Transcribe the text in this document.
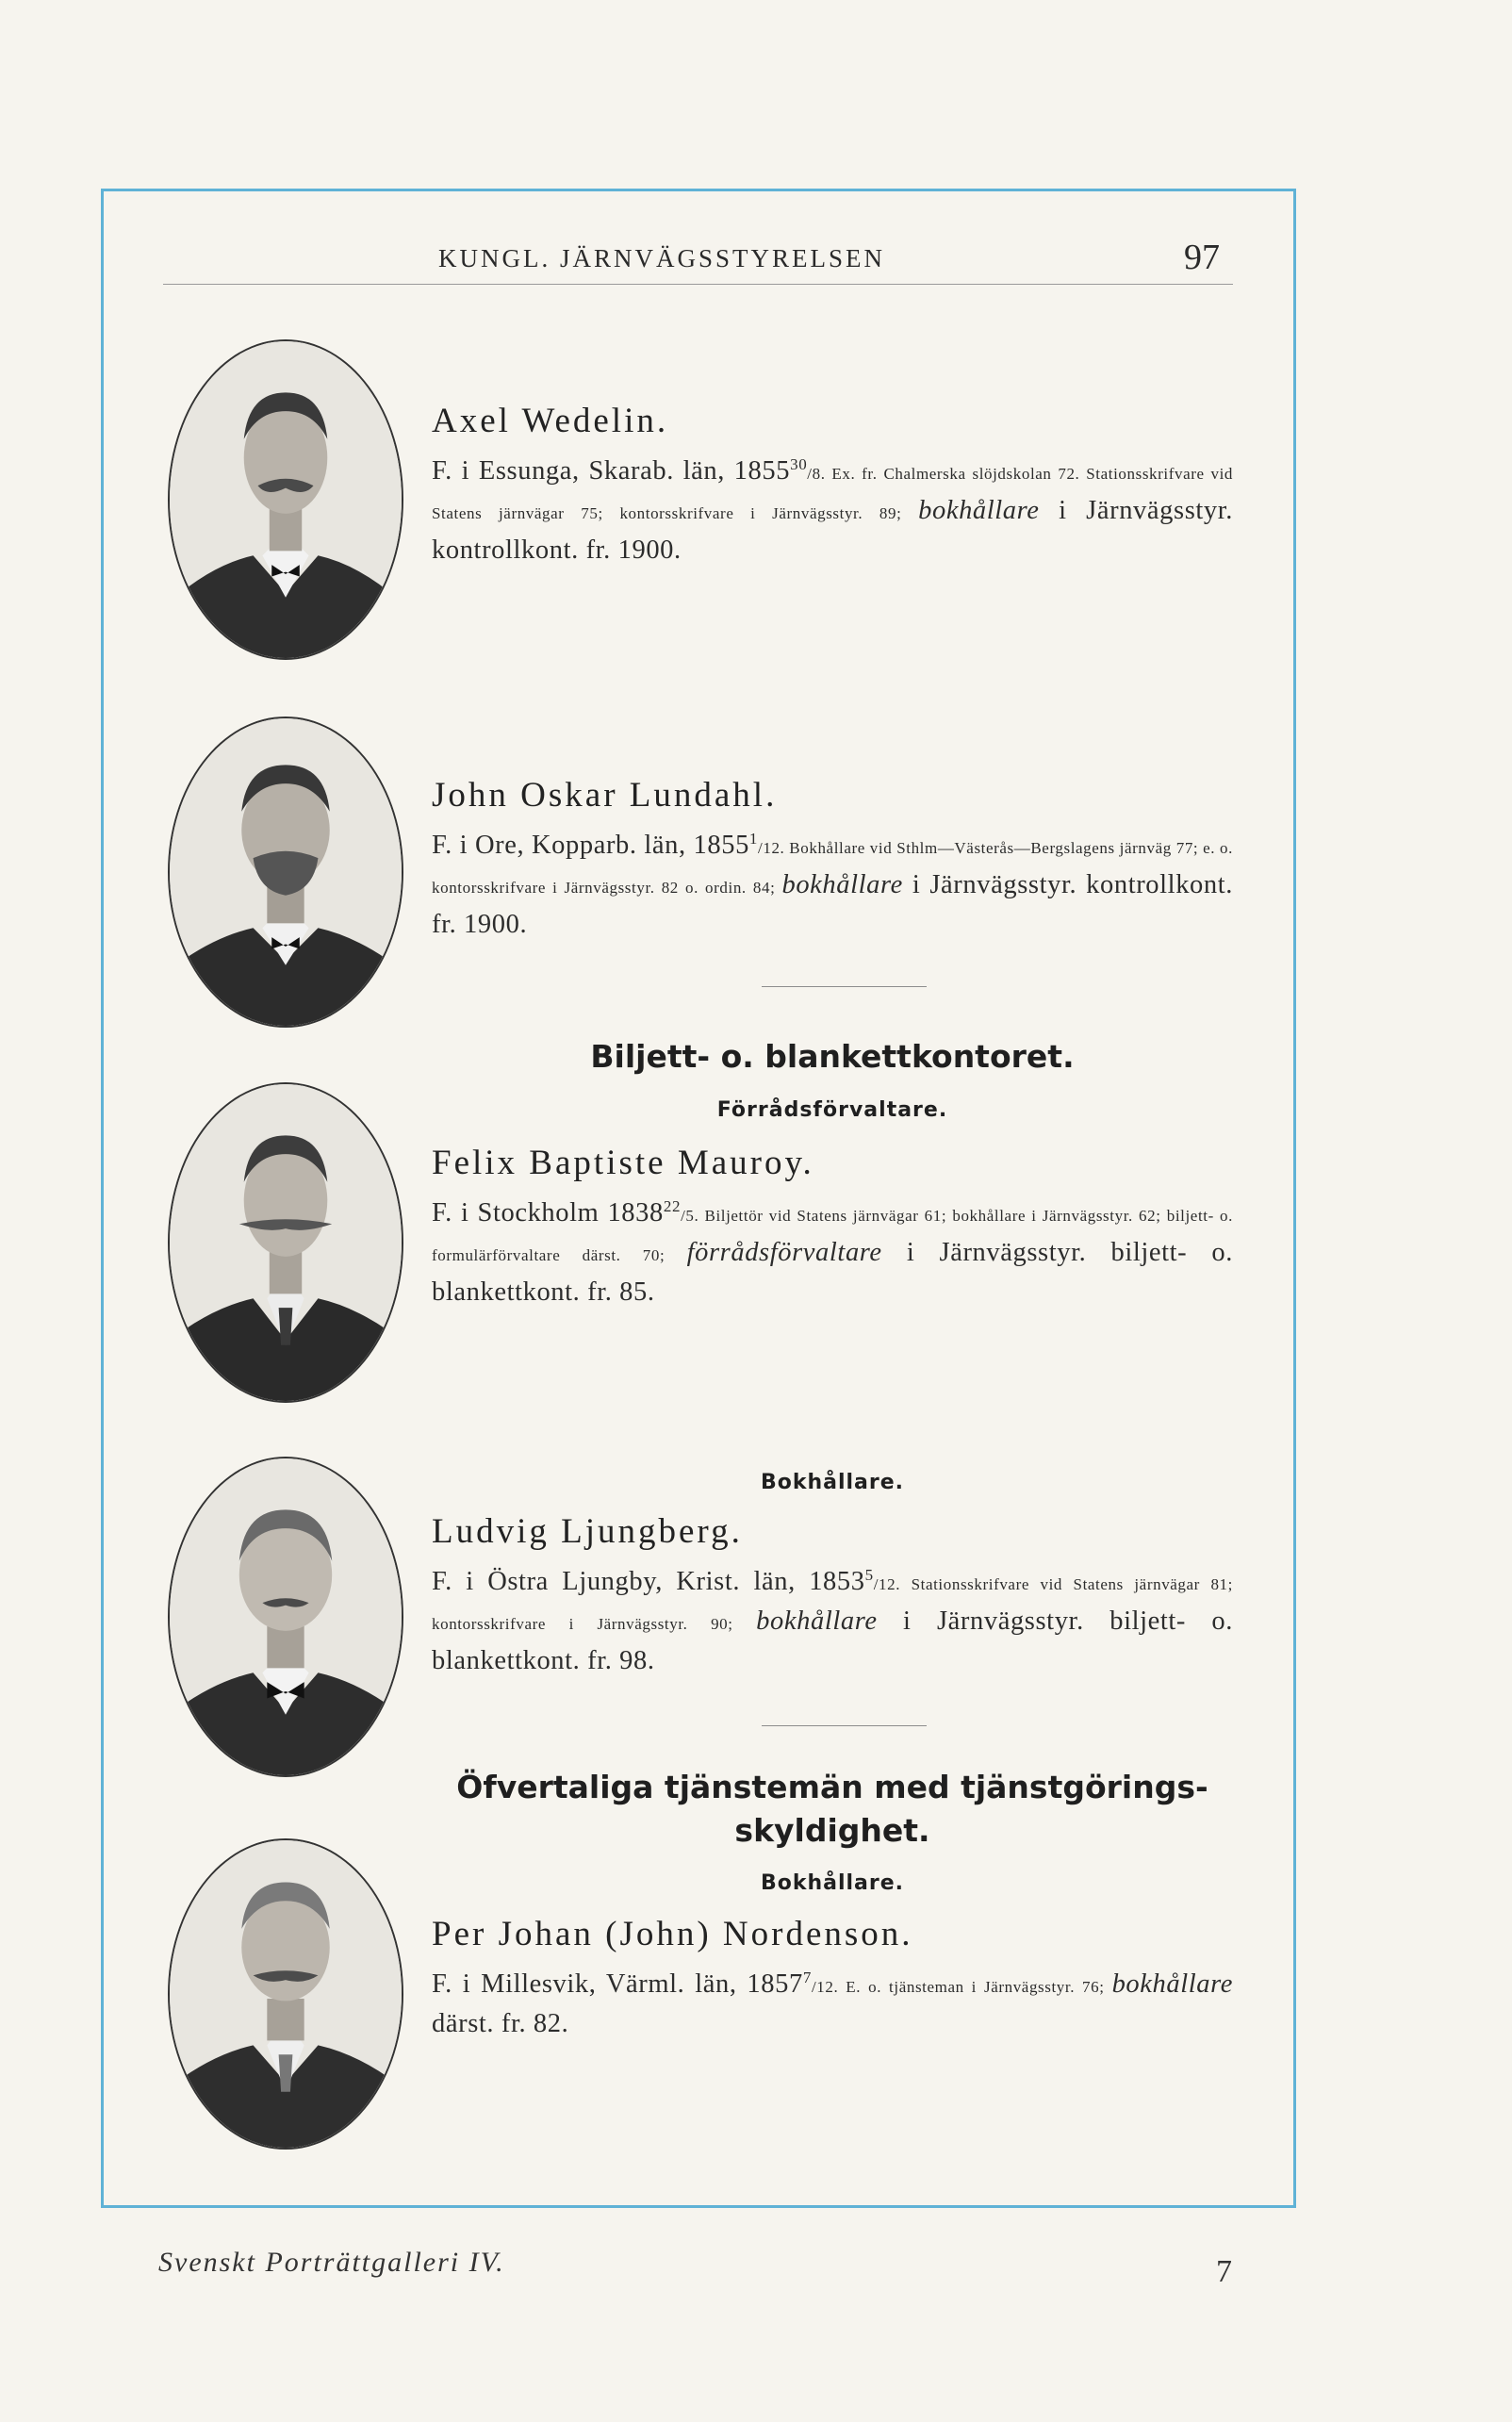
KUNGL. JÄRNVÄGSSTYRELSEN	97
Axel Wedelin.
F. i Essunga, Skarab. län, 1855$^{30}$/8. Ex. fr. Chalmerska slöjdskolan 72. Stationsskrifvare vid Statens järnvägar 75; kontorsskrifvare i Järnvägsstyr. 89; bokhållare i Järnvägsstyr. kontrollkont. fr. 1900.
John Oskar Lundahl.
F. i Ore, Kopparb. län, 1855$^1$/12. Bokhållare vid Sthlm—Västerås—Bergslagens järnväg 77; e. o. kontorsskrifvare i Järnvägsstyr. 82 o. ordin. 84; bokhållare i Järnvägsstyr. kontrollkont. fr. 1900.
Biljett- o. blankettkontoret.
Förrådsförvaltare.
Felix Baptiste Mauroy.
F. i Stockholm 1838$^{22}$/5. Biljettör vid Statens järnvägar 61; bokhållare i Järnvägsstyr. 62; biljett- o. formulärförvaltare därst. 70; förrådsförvaltare i Järnvägsstyr. biljett- o. blankettkont. fr. 85.
Bokhållare.
Ludvig Ljungberg.
F. i Östra Ljungby, Krist. län, 1853$^5$/12. Stationsskrifvare vid Statens järnvägar 81; kontorsskrifvare i Järnvägsstyr. 90; bokhållare i Järnvägsstyr. biljett- o. blankettkont. fr. 98.
Öfvertaliga tjänstemän med tjänstgörings-
skyldighet.
Bokhållare.
Per Johan (John) Nordenson.
F. i Millesvik, Värml. län, 1857$^7$/12. E. o. tjänsteman i Järnvägsstyr. 76; bokhållare därst. fr. 82.
Svenskt Porträttgalleri IV.	7
